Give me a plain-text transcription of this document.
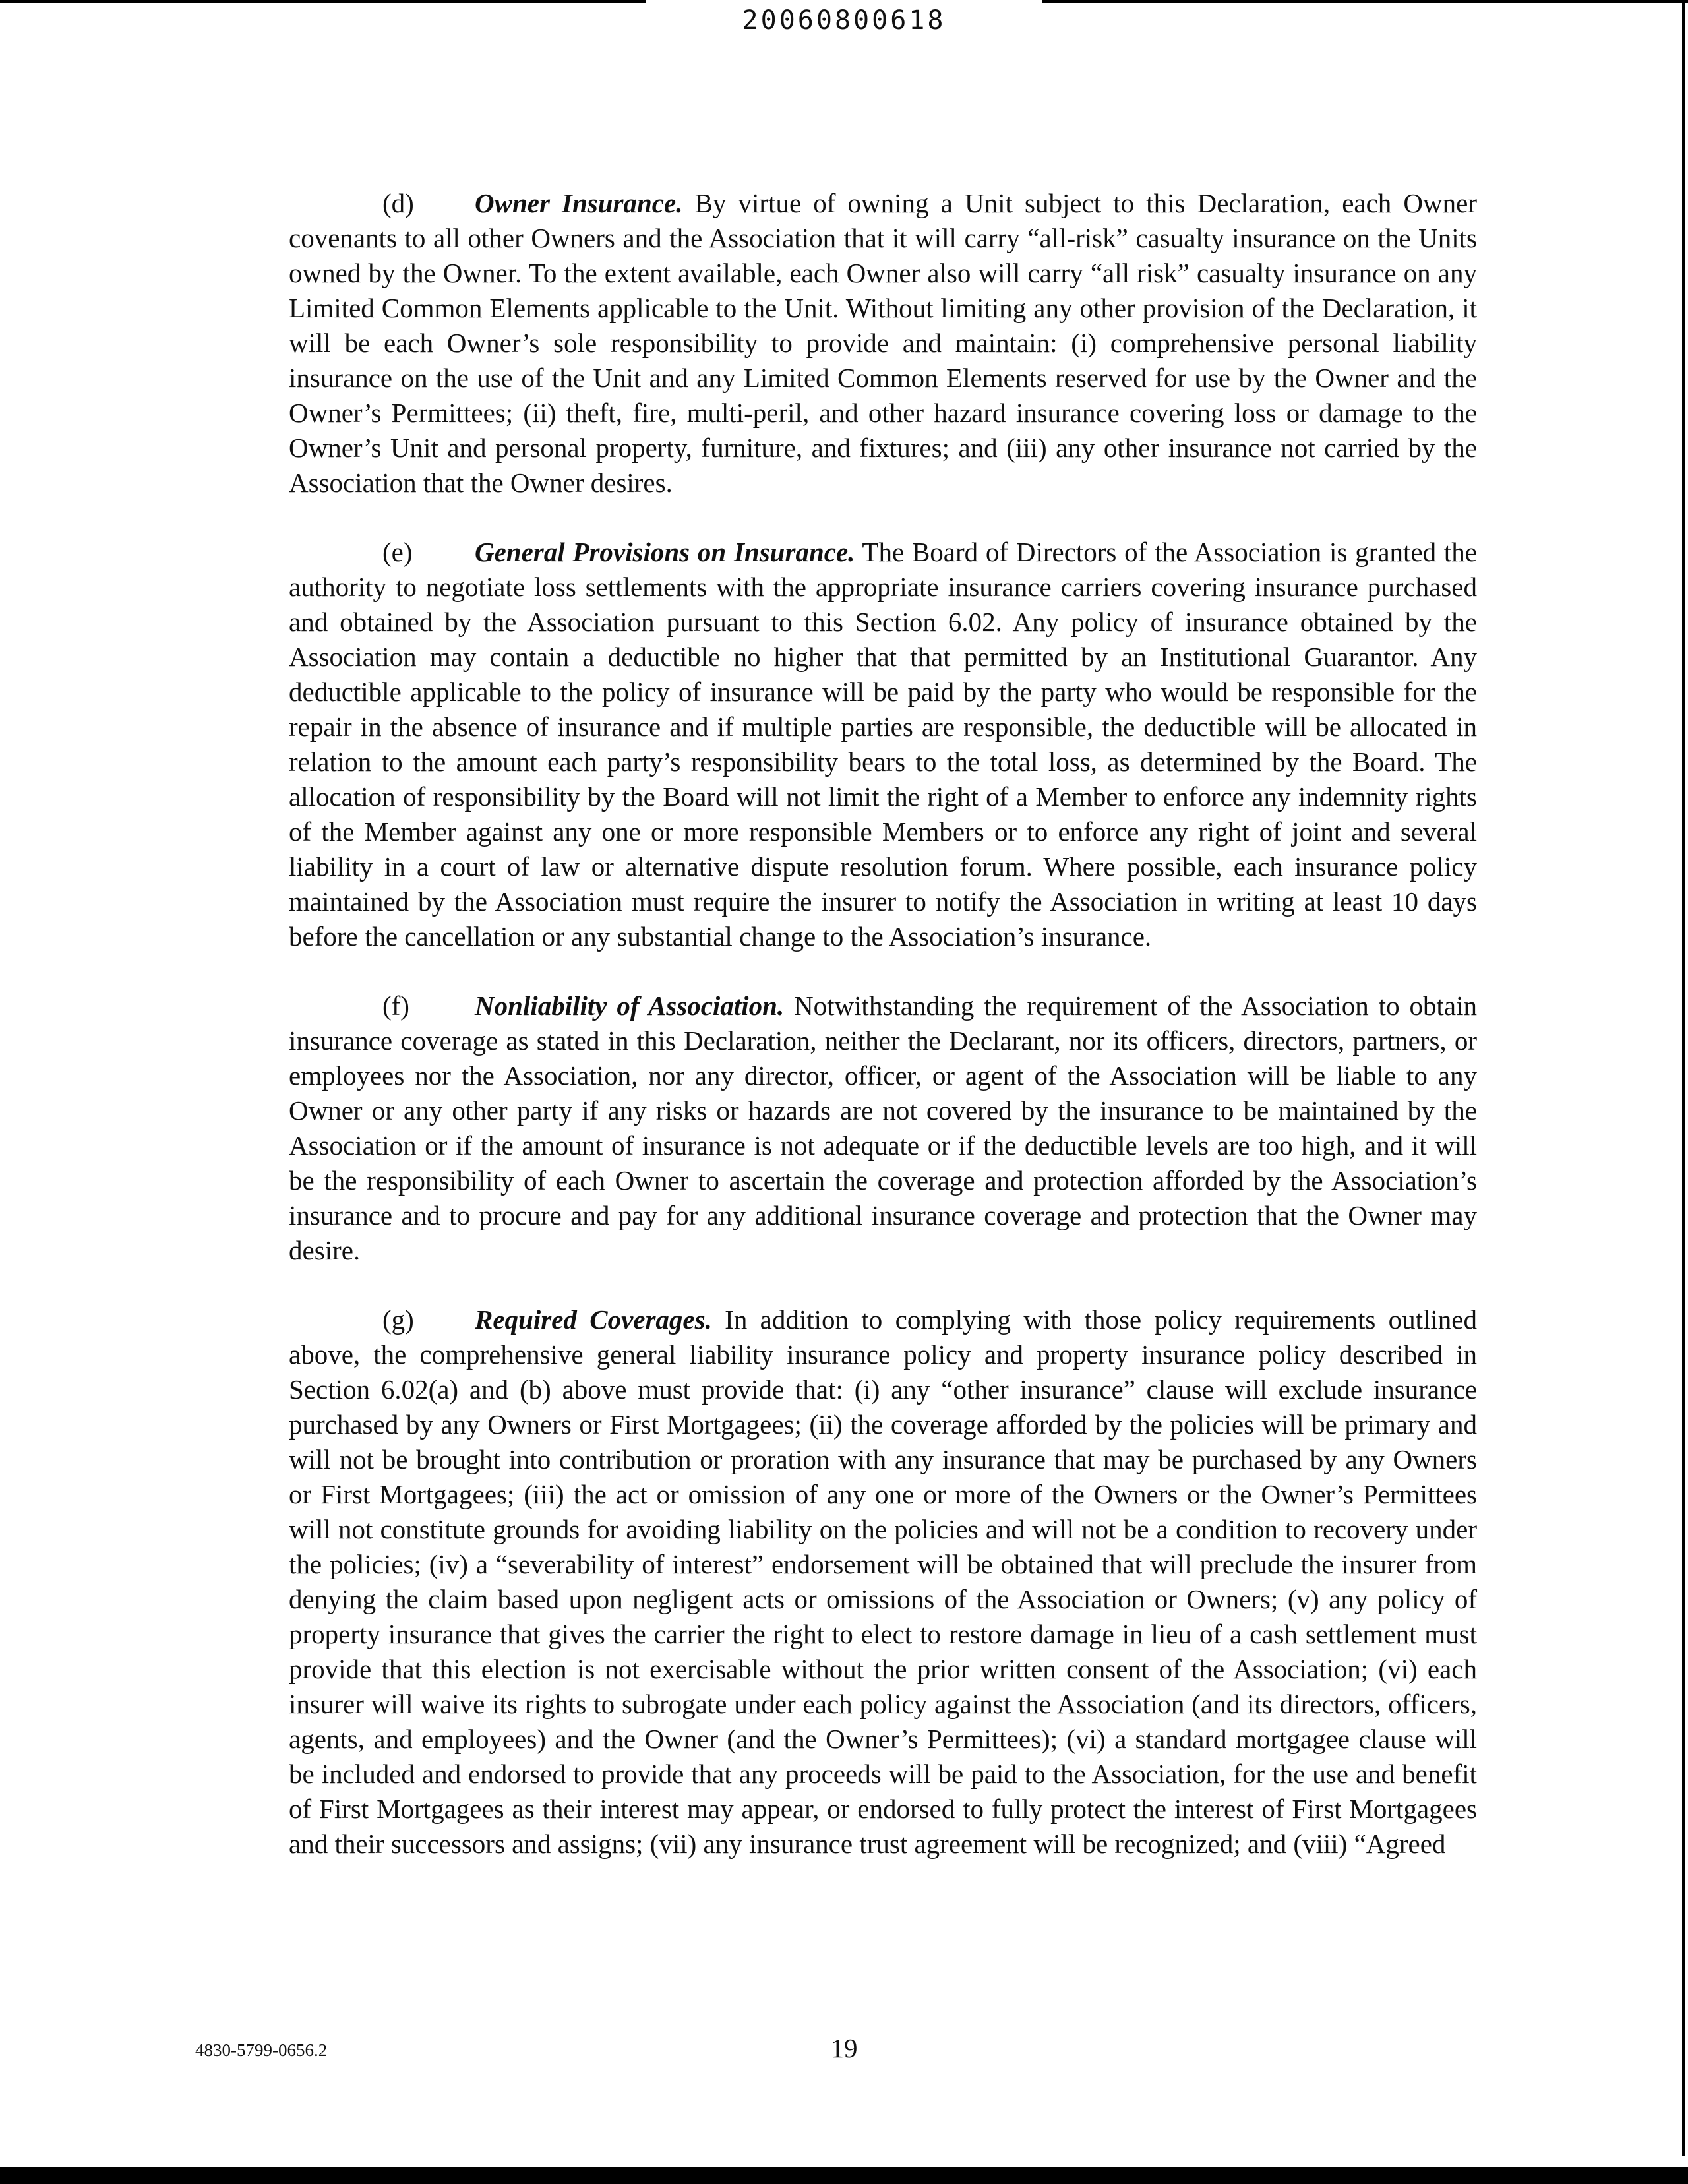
20060800618

(d) Owner Insurance. By virtue of owning a Unit subject to this Declaration, each Owner covenants to all other Owners and the Association that it will carry “all-risk” casualty insurance on the Units owned by the Owner. To the extent available, each Owner also will carry “all risk” casualty insurance on any Limited Common Elements applicable to the Unit. Without limiting any other provision of the Declaration, it will be each Owner’s sole responsibility to provide and maintain: (i) comprehensive personal liability insurance on the use of the Unit and any Limited Common Elements reserved for use by the Owner and the Owner’s Permittees; (ii) theft, fire, multi-peril, and other hazard insurance covering loss or damage to the Owner’s Unit and personal property, furniture, and fixtures; and (iii) any other insurance not carried by the Association that the Owner desires.

(e) General Provisions on Insurance. The Board of Directors of the Association is granted the authority to negotiate loss settlements with the appropriate insurance carriers covering insurance purchased and obtained by the Association pursuant to this Section 6.02. Any policy of insurance obtained by the Association may contain a deductible no higher that that permitted by an Institutional Guarantor. Any deductible applicable to the policy of insurance will be paid by the party who would be responsible for the repair in the absence of insurance and if multiple parties are responsible, the deductible will be allocated in relation to the amount each party’s responsibility bears to the total loss, as determined by the Board. The allocation of responsibility by the Board will not limit the right of a Member to enforce any indemnity rights of the Member against any one or more responsible Members or to enforce any right of joint and several liability in a court of law or alternative dispute resolution forum. Where possible, each insurance policy maintained by the Association must require the insurer to notify the Association in writing at least 10 days before the cancellation or any substantial change to the Association’s insurance.

(f) Nonliability of Association. Notwithstanding the requirement of the Association to obtain insurance coverage as stated in this Declaration, neither the Declarant, nor its officers, directors, partners, or employees nor the Association, nor any director, officer, or agent of the Association will be liable to any Owner or any other party if any risks or hazards are not covered by the insurance to be maintained by the Association or if the amount of insurance is not adequate or if the deductible levels are too high, and it will be the responsibility of each Owner to ascertain the coverage and protection afforded by the Association’s insurance and to procure and pay for any additional insurance coverage and protection that the Owner may desire.

(g) Required Coverages. In addition to complying with those policy requirements outlined above, the comprehensive general liability insurance policy and property insurance policy described in Section 6.02(a) and (b) above must provide that: (i) any “other insurance” clause will exclude insurance purchased by any Owners or First Mortgagees; (ii) the coverage afforded by the policies will be primary and will not be brought into contribution or proration with any insurance that may be purchased by any Owners or First Mortgagees; (iii) the act or omission of any one or more of the Owners or the Owner’s Permittees will not constitute grounds for avoiding liability on the policies and will not be a condition to recovery under the policies; (iv) a “severability of interest” endorsement will be obtained that will preclude the insurer from denying the claim based upon negligent acts or omissions of the Association or Owners; (v) any policy of property insurance that gives the carrier the right to elect to restore damage in lieu of a cash settlement must provide that this election is not exercisable without the prior written consent of the Association; (vi) each insurer will waive its rights to subrogate under each policy against the Association (and its directors, officers, agents, and employees) and the Owner (and the Owner’s Permittees); (vi) a standard mortgagee clause will be included and endorsed to provide that any proceeds will be paid to the Association, for the use and benefit of First Mortgagees as their interest may appear, or endorsed to fully protect the interest of First Mortgagees and their successors and assigns; (vii) any insurance trust agreement will be recognized; and (viii) “Agreed

4830-5799-0656.2	19
